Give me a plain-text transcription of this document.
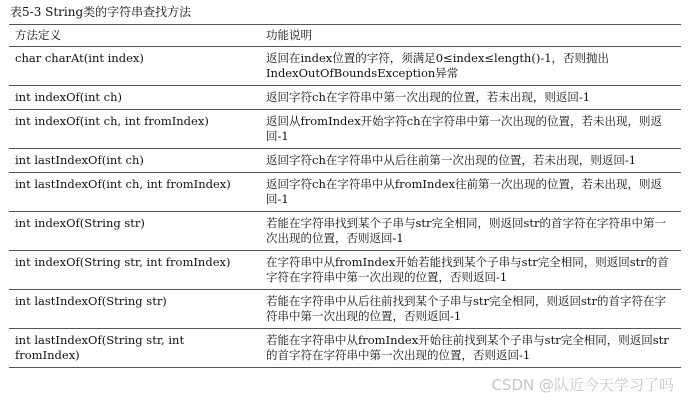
表5-3 String类的字符串查找方法
方法定义	功能说明
char charAt(int index)	返回在index位置的字符，须满足0≤index≤length()-1，否则抛出IndexOutOfBoundsException异常
int indexOf(int ch)	返回字符ch在字符串中第一次出现的位置，若未出现，则返回-1
int indexOf(int ch, int fromIndex)	返回从fromIndex开始字符ch在字符串中第一次出现的位置，若未出现，则返回-1
int lastIndexOf(int ch)	返回字符ch在字符串中从后往前第一次出现的位置，若未出现，则返回-1
int lastIndexOf(int ch, int fromIndex)	返回字符ch在字符串中从fromIndex往前第一次出现的位置，若未出现，则返回-1
int indexOf(String str)	若能在字符串找到某个子串与str完全相同，则返回str的首字符在字符串中第一次出现的位置，否则返回-1
int indexOf(String str, int fromIndex)	在字符串中从fromIndex开始若能找到某个子串与str完全相同，则返回str的首字符在字符串中第一次出现的位置，否则返回-1
int lastIndexOf(String str)	若能在字符串中从后往前找到某个子串与str完全相同，则返回str的首字符在字符串中第一次出现的位置，否则返回-1
int lastIndexOf(String str, int fromIndex)	若能在字符串中从fromIndex开始往前找到某个子串与str完全相同，则返回str的首字符在字符串中第一次出现的位置，否则返回-1
CSDN @队近今天学习了吗
